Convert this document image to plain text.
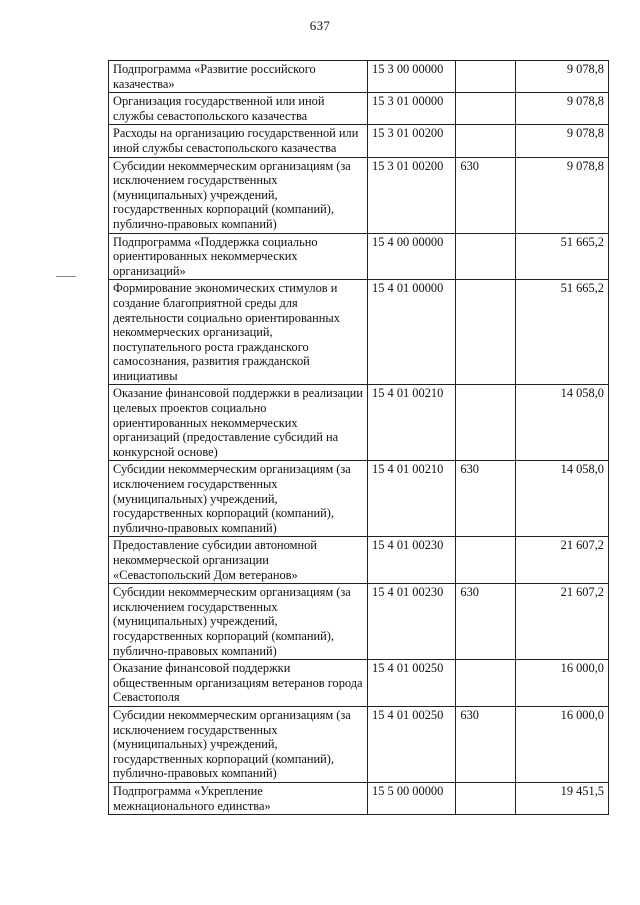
637
Подпрограмма «Развитие российского казачества»	15 3 00 00000		9 078,8
Организация государственной или иной службы севастопольского казачества	15 3 01 00000		9 078,8
Расходы на организацию государственной или иной службы севастопольского казачества	15 3 01 00200		9 078,8
Субсидии некоммерческим организациям (за исключением государственных (муниципальных) учреждений, государственных корпораций (компаний), публично-правовых компаний)	15 3 01 00200	630	9 078,8
Подпрограмма «Поддержка социально ориентированных некоммерческих организаций»	15 4 00 00000		51 665,2
Формирование экономических стимулов и создание благоприятной среды для деятельности социально ориентированных некоммерческих организаций, поступательного роста гражданского самосознания, развития гражданской инициативы	15 4 01 00000		51 665,2
Оказание финансовой поддержки в реализации целевых проектов социально ориентированных некоммерческих организаций (предоставление субсидий на конкурсной основе)	15 4 01 00210		14 058,0
Субсидии некоммерческим организациям (за исключением государственных (муниципальных) учреждений, государственных корпораций (компаний), публично-правовых компаний)	15 4 01 00210	630	14 058,0
Предоставление субсидии автономной некоммерческой организации «Севастопольский Дом ветеранов»	15 4 01 00230		21 607,2
Субсидии некоммерческим организациям (за исключением государственных (муниципальных) учреждений, государственных корпораций (компаний), публично-правовых компаний)	15 4 01 00230	630	21 607,2
Оказание финансовой поддержки общественным организациям ветеранов города Севастополя	15 4 01 00250		16 000,0
Субсидии некоммерческим организациям (за исключением государственных (муниципальных) учреждений, государственных корпораций (компаний), публично-правовых компаний)	15 4 01 00250	630	16 000,0
Подпрограмма «Укрепление межнационального единства»	15 5 00 00000		19 451,5
